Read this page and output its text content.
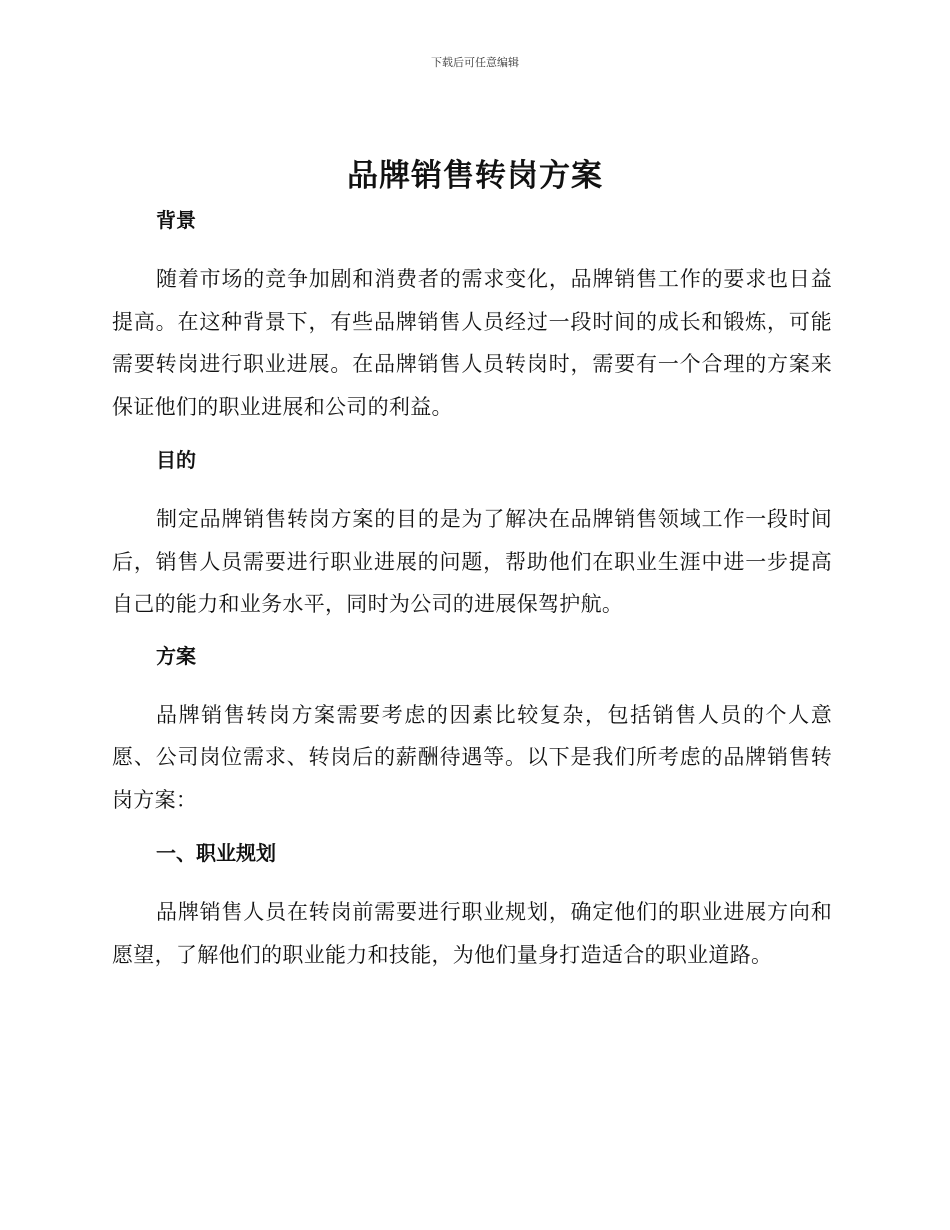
下载后可任意编辑
品牌销售转岗方案
背景

随着市场的竞争加剧和消费者的需求变化，品牌销售工作的要求也日益提高。在这种背景下，有些品牌销售人员经过一段时间的成长和锻炼，可能需要转岗进行职业进展。在品牌销售人员转岗时，需要有一个合理的方案来保证他们的职业进展和公司的利益。

目的

制定品牌销售转岗方案的目的是为了解决在品牌销售领域工作一段时间后，销售人员需要进行职业进展的问题，帮助他们在职业生涯中进一步提高自己的能力和业务水平，同时为公司的进展保驾护航。

方案

品牌销售转岗方案需要考虑的因素比较复杂，包括销售人员的个人意愿、公司岗位需求、转岗后的薪酬待遇等。以下是我们所考虑的品牌销售转岗方案：

一、职业规划

品牌销售人员在转岗前需要进行职业规划，确定他们的职业进展方向和愿望，了解他们的职业能力和技能，为他们量身打造适合的职业道路。
